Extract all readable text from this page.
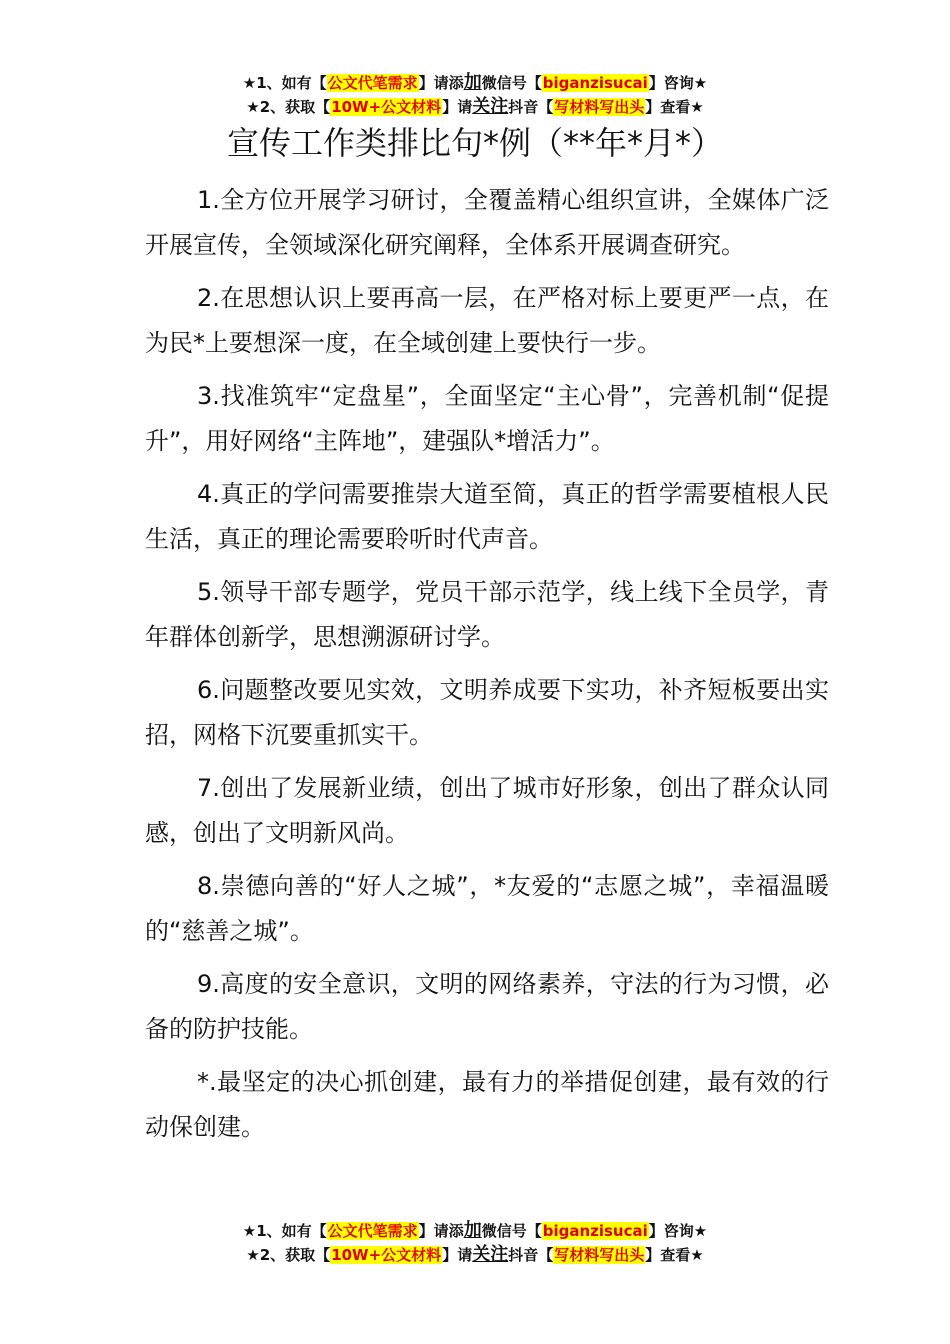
★1、如有【公文代笔需求】请添加微信号【biganzisucai】咨询★
★2、获取【10W+公文材料】请关注抖音【写材料写出头】查看★
宣传工作类排比句*例（**年*月*）

1.全方位开展学习研讨，全覆盖精心组织宣讲，全媒体广泛开展宣传，全领域深化研究阐释，全体系开展调查研究。

2.在思想认识上要再高一层，在严格对标上要更严一点，在为民*上要想深一度，在全域创建上要快行一步。

3.找准筑牢“定盘星”，全面坚定“主心骨”，完善机制“促提升”，用好网络“主阵地”，建强队*增活力”。

4.真正的学问需要推崇大道至简，真正的哲学需要植根人民生活，真正的理论需要聆听时代声音。

5.领导干部专题学，党员干部示范学，线上线下全员学，青年群体创新学，思想溯源研讨学。

6.问题整改要见实效，文明养成要下实功，补齐短板要出实招，网格下沉要重抓实干。

7.创出了发展新业绩，创出了城市好形象，创出了群众认同感，创出了文明新风尚。

8.崇德向善的“好人之城”，*友爱的“志愿之城”，幸福温暖的“慈善之城”。

9.高度的安全意识，文明的网络素养，守法的行为习惯，必备的防护技能。

*.最坚定的决心抓创建，最有力的举措促创建，最有效的行动保创建。

★1、如有【公文代笔需求】请添加微信号【biganzisucai】咨询★
★2、获取【10W+公文材料】请关注抖音【写材料写出头】查看★
